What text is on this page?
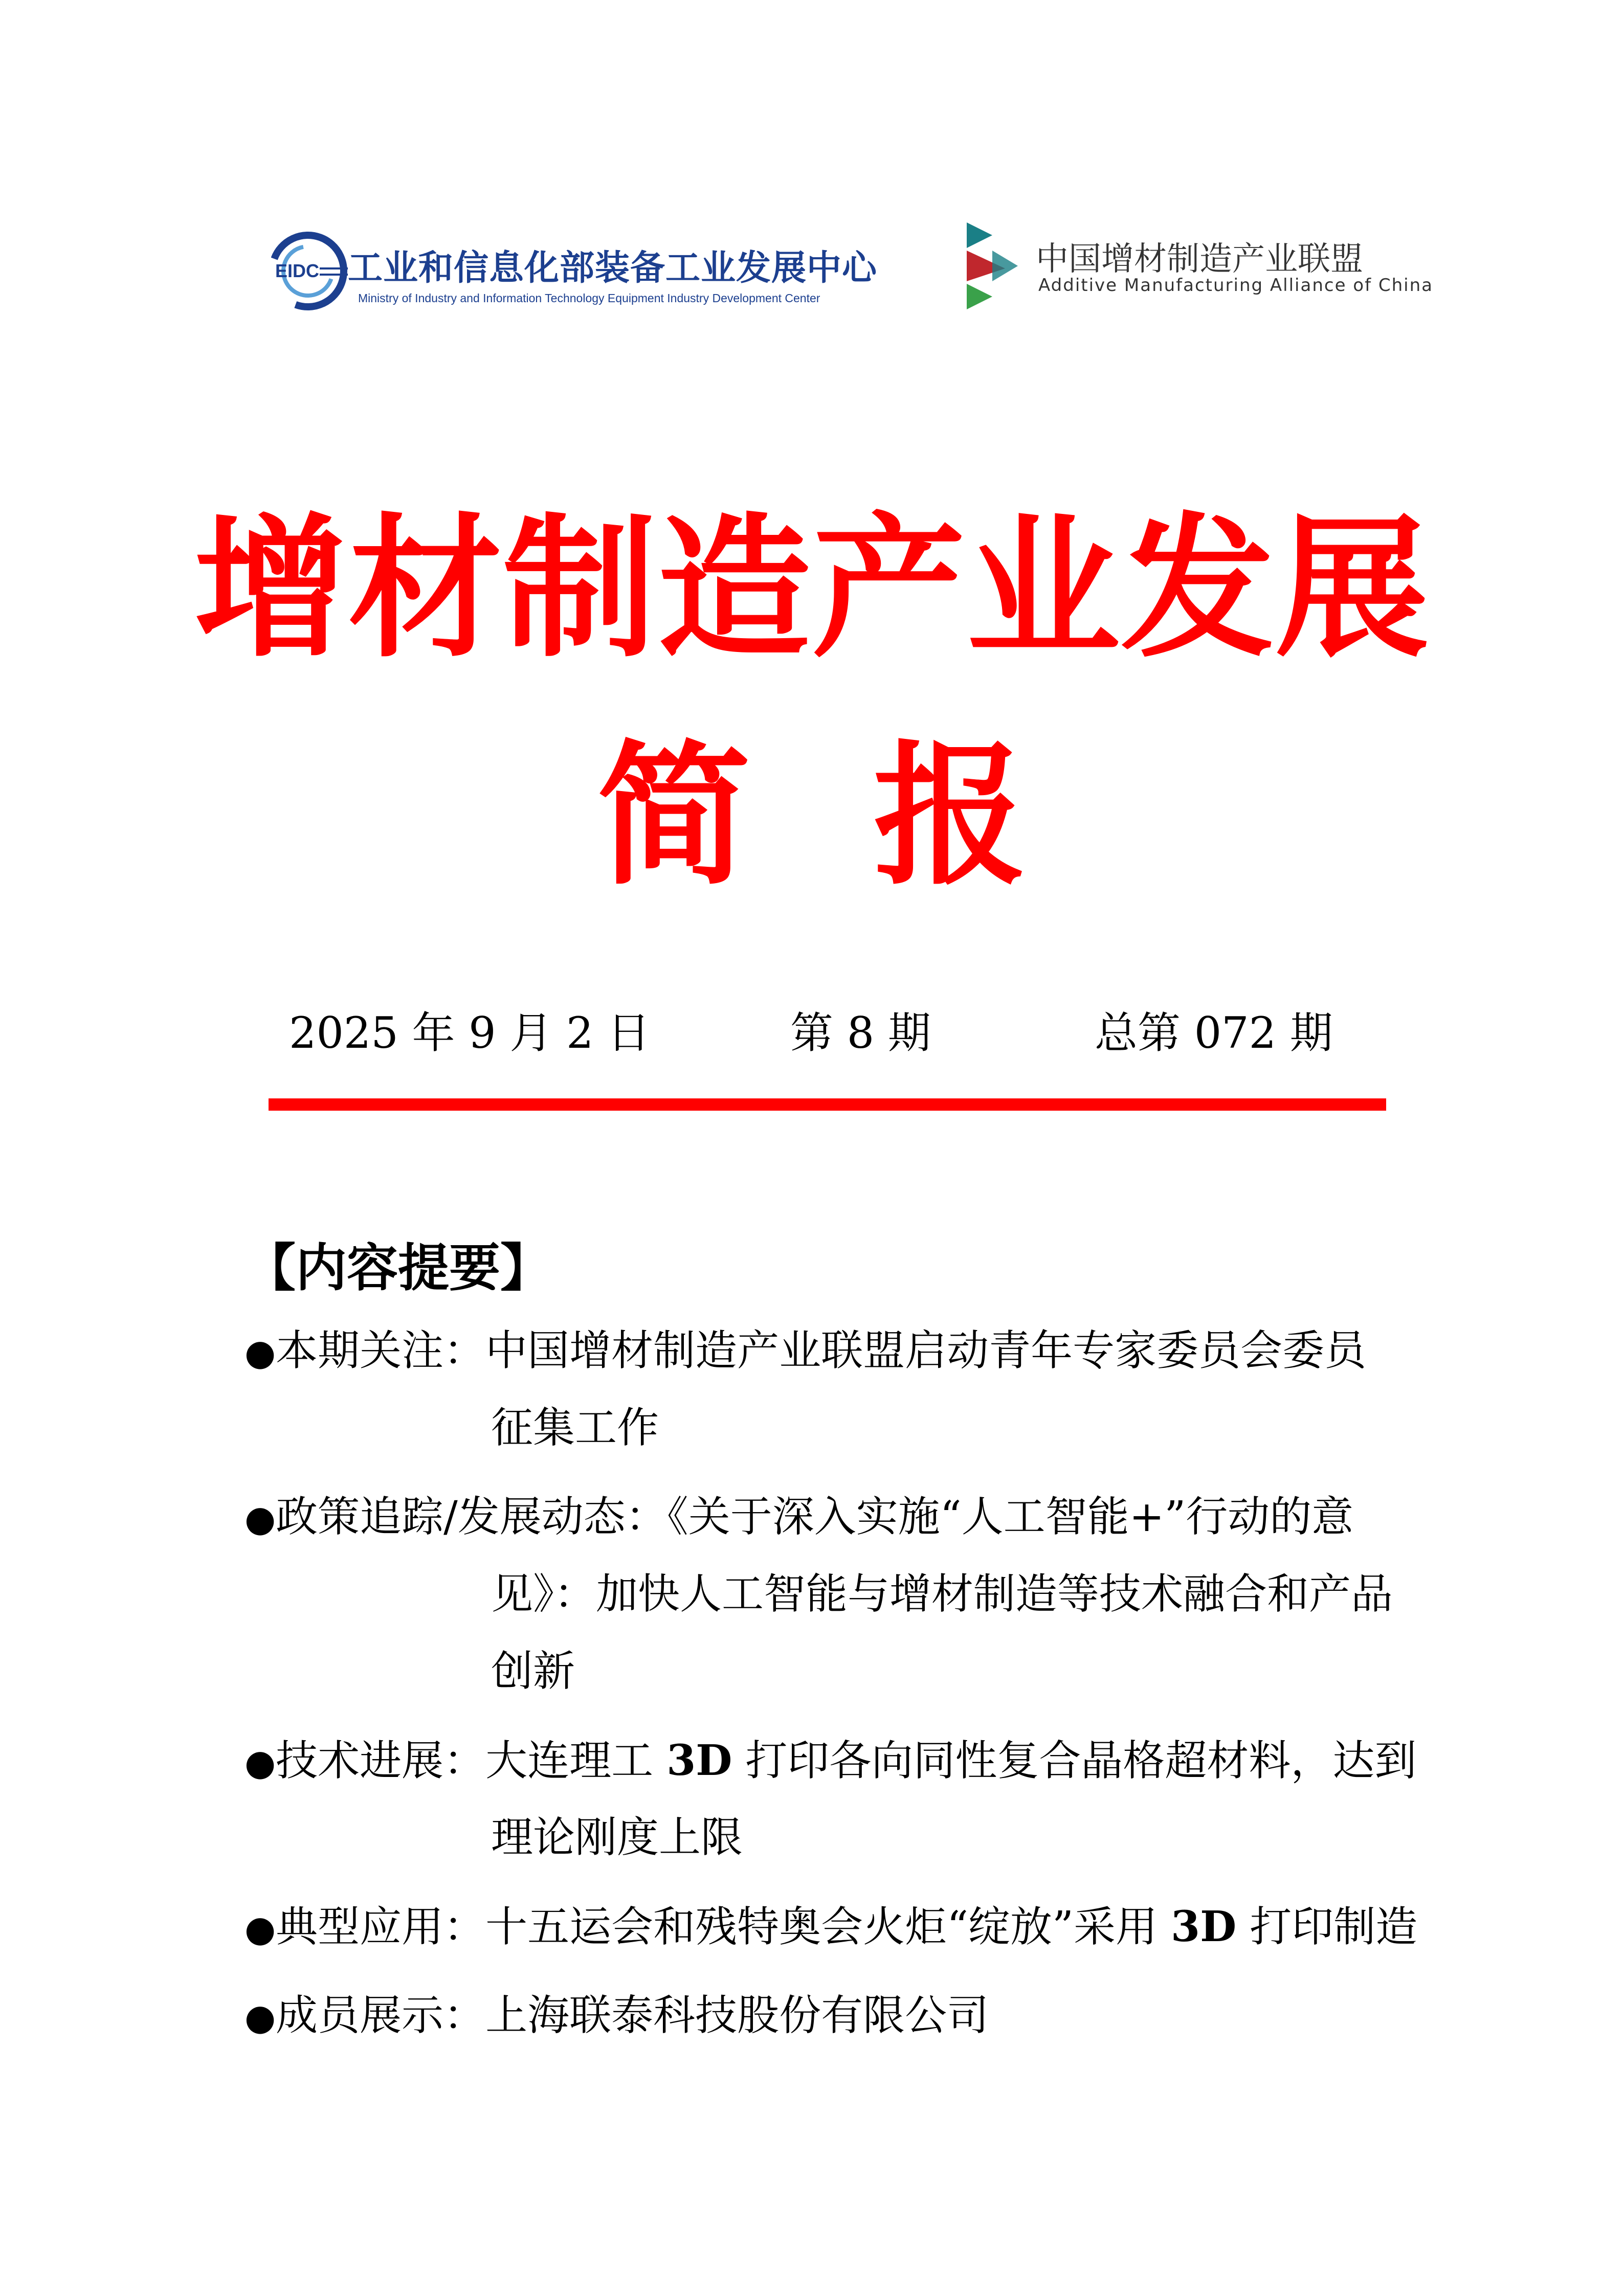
EIDC 工业和信息化部装备工业发展中心
Ministry of Industry and Information Technology Equipment Industry Development Center
中国增材制造产业联盟
Additive Manufacturing Alliance of China
增材制造产业发展
简 报
2025 年 9 月 2 日	第 8 期	总第 072 期
【内容提要】
●本期关注：中国增材制造产业联盟启动青年专家委员会委员
征集工作
●政策追踪/发展动态：《关于深入实施“人工智能+”行动的意
见》：加快人工智能与增材制造等技术融合和产品
创新
●技术进展：大连理工 3D 打印各向同性复合晶格超材料，达到
理论刚度上限
●典型应用：十五运会和残特奥会火炬“绽放”采用 3D 打印制造
●成员展示：上海联泰科技股份有限公司
